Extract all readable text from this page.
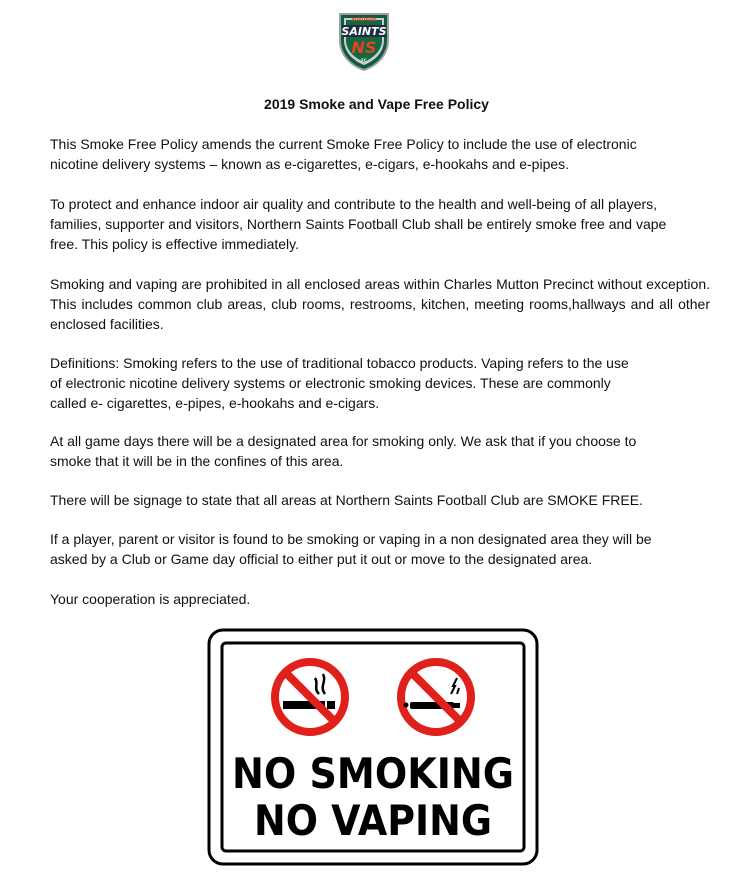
NORTHERN
SAINTS
NS
FC
2019 Smoke and Vape Free Policy

This Smoke Free Policy amends the current Smoke Free Policy to include the use of electronic
nicotine delivery systems – known as e-cigarettes, e-cigars, e-hookahs and e-pipes.

To protect and enhance indoor air quality and contribute to the health and well-being of all players,
families, supporter and visitors, Northern Saints Football Club shall be entirely smoke free and vape
free. This policy is effective immediately.

Smoking and vaping are prohibited in all enclosed areas within Charles Mutton Precinct without exception. This includes common club areas, club rooms, restrooms, kitchen, meeting rooms,hallways and all other enclosed facilities.

Definitions: Smoking refers to the use of traditional tobacco products. Vaping refers to the use
of electronic nicotine delivery systems or electronic smoking devices. These are commonly
called e- cigarettes, e-pipes, e-hookahs and e-cigars.

At all game days there will be a designated area for smoking only. We ask that if you choose to
smoke that it will be in the confines of this area.

There will be signage to state that all areas at Northern Saints Football Club are SMOKE FREE.

If a player, parent or visitor is found to be smoking or vaping in a non designated area they will be
asked by a Club or Game day official to either put it out or move to the designated area.

Your cooperation is appreciated.

NO SMOKING
NO VAPING
